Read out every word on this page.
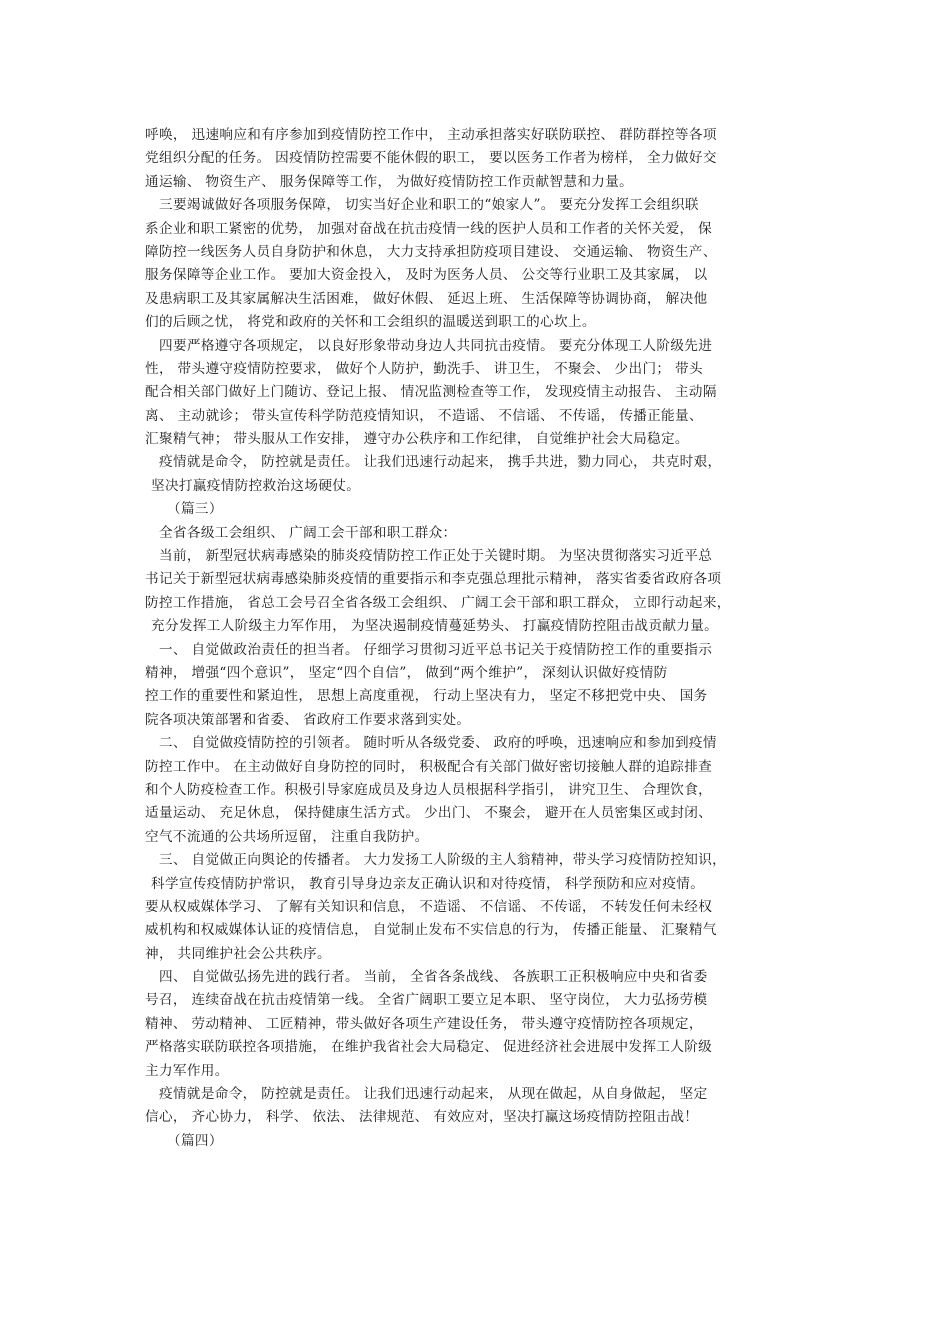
呼唤， 迅速响应和有序参加到疫情防控工作中， 主动承担落实好联防联控、 群防群控等各项
党组织分配的任务。 因疫情防控需要不能休假的职工， 要以医务工作者为榜样， 全力做好交
通运输、 物资生产、 服务保障等工作， 为做好疫情防控工作贡献智慧和力量。
三要竭诚做好各项服务保障， 切实当好企业和职工的“娘家人”。 要充分发挥工会组织联
系企业和职工紧密的优势， 加强对奋战在抗击疫情一线的医护人员和工作者的关怀关爱， 保
障防控一线医务人员自身防护和休息， 大力支持承担防疫项目建设、 交通运输、 物资生产、
服务保障等企业工作。 要加大资金投入， 及时为医务人员、 公交等行业职工及其家属， 以
及患病职工及其家属解决生活困难， 做好休假、 延迟上班、 生活保障等协调协商， 解决他
们的后顾之忧， 将党和政府的关怀和工会组织的温暖送到职工的心坎上。
四要严格遵守各项规定， 以良好形象带动身边人共同抗击疫情。 要充分体现工人阶级先进
性， 带头遵守疫情防控要求， 做好个人防护，勤洗手、 讲卫生， 不聚会、 少出门； 带头
配合相关部门做好上门随访、登记上报、 情况监测检查等工作， 发现疫情主动报告、 主动隔
离、 主动就诊； 带头宣传科学防范疫情知识， 不造谣、 不信谣、 不传谣， 传播正能量、
汇聚精气神； 带头服从工作安排， 遵守办公秩序和工作纪律， 自觉维护社会大局稳定。
疫情就是命令， 防控就是责任。 让我们迅速行动起来， 携手共进，勠力同心， 共克时艰，
坚决打赢疫情防控救治这场硬仗。
（篇三）
全省各级工会组织、 广阔工会干部和职工群众：
当前， 新型冠状病毒感染的肺炎疫情防控工作正处于关键时期。 为坚决贯彻落实习近平总
书记关于新型冠状病毒感染肺炎疫情的重要指示和李克强总理批示精神， 落实省委省政府各项
防控工作措施， 省总工会号召全省各级工会组织、 广阔工会干部和职工群众， 立即行动起来，
充分发挥工人阶级主力军作用， 为坚决遏制疫情蔓延势头、 打赢疫情防控阻击战贡献力量。
一、 自觉做政治责任的担当者。 仔细学习贯彻习近平总书记关于疫情防控工作的重要指示
精神， 增强“四个意识”， 坚定“四个自信”， 做到“两个维护”， 深刻认识做好疫情防
控工作的重要性和紧迫性， 思想上高度重视， 行动上坚决有力， 坚定不移把党中央、 国务
院各项决策部署和省委、 省政府工作要求落到实处。
二、 自觉做疫情防控的引领者。 随时听从各级党委、 政府的呼唤，迅速响应和参加到疫情
防控工作中。 在主动做好自身防控的同时， 积极配合有关部门做好密切接触人群的追踪排查
和个人防疫检查工作。积极引导家庭成员及身边人员根据科学指引， 讲究卫生、 合理饮食，
适量运动、 充足休息， 保持健康生活方式。 少出门、 不聚会， 避开在人员密集区或封闭、
空气不流通的公共场所逗留， 注重自我防护。
三、 自觉做正向舆论的传播者。 大力发扬工人阶级的主人翁精神，带头学习疫情防控知识，
科学宣传疫情防护常识， 教育引导身边亲友正确认识和对待疫情， 科学预防和应对疫情。
要从权威媒体学习、 了解有关知识和信息， 不造谣、 不信谣、 不传谣， 不转发任何未经权
威机构和权威媒体认证的疫情信息， 自觉制止发布不实信息的行为， 传播正能量、 汇聚精气
神， 共同维护社会公共秩序。
四、 自觉做弘扬先进的践行者。 当前， 全省各条战线、 各族职工正积极响应中央和省委
号召， 连续奋战在抗击疫情第一线。 全省广阔职工要立足本职、 坚守岗位， 大力弘扬劳模
精神、 劳动精神、 工匠精神，带头做好各项生产建设任务， 带头遵守疫情防控各项规定，
严格落实联防联控各项措施， 在维护我省社会大局稳定、 促进经济社会进展中发挥工人阶级
主力军作用。
疫情就是命令， 防控就是责任。 让我们迅速行动起来， 从现在做起，从自身做起， 坚定
信心， 齐心协力， 科学、 依法、 法律规范、 有效应对，坚决打赢这场疫情防控阻击战！
（篇四）
